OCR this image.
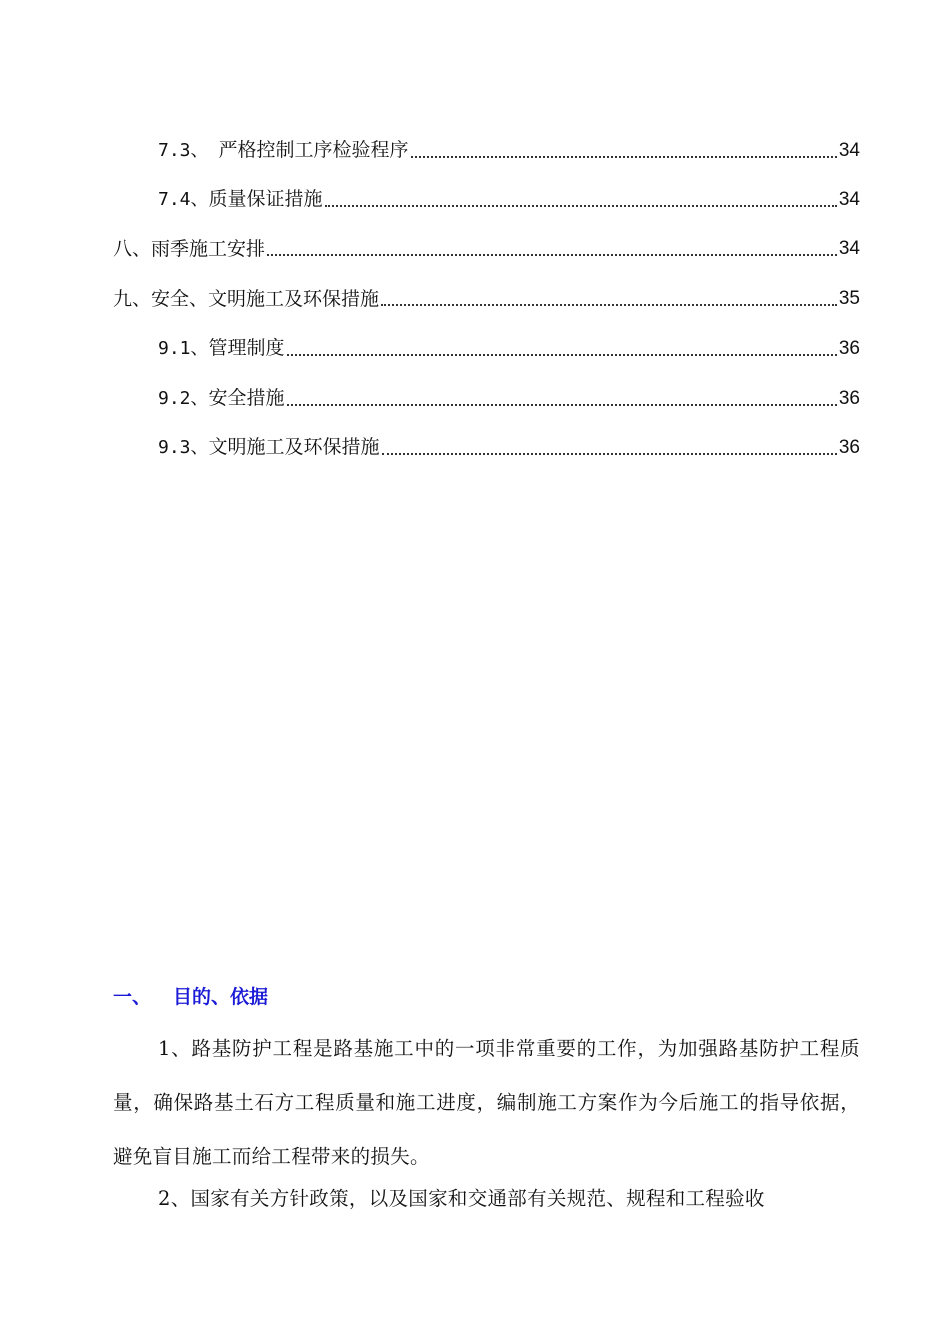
7.3、　严格控制工序检验程序	34
7.4、质量保证措施	34
八、雨季施工安排	34
九、安全、文明施工及环保措施	35
9.1、管理制度	36
9.2、安全措施	36
9.3、文明施工及环保措施	36
一、 目的、依据

1、路基防护工程是路基施工中的一项非常重要的工作，为加强路基防护工程质量，确保路基土石方工程质量和施工进度，编制施工方案作为今后施工的指导依据，避免盲目施工而给工程带来的损失。

2、国家有关方针政策，以及国家和交通部有关规范、规程和工程验收
